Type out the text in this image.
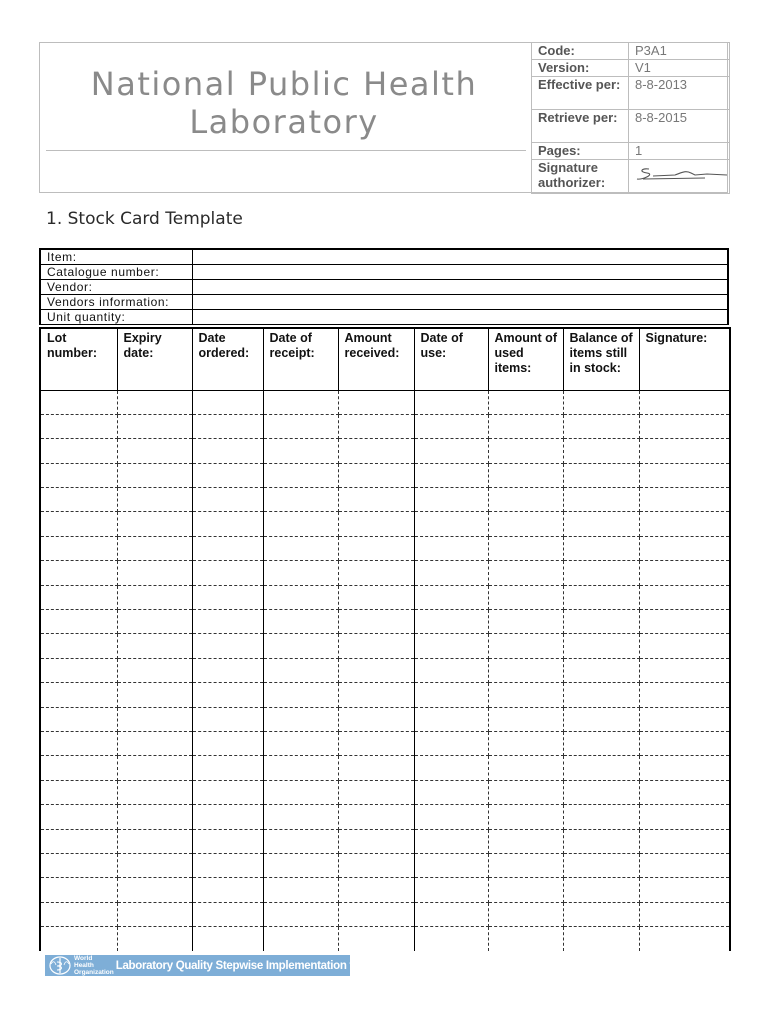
National Public Health
Laboratory
Code:	P3A1
Version:	V1
Effective per:	8-8-2013
Retrieve per:	8-8-2015
Pages:	1
Signature authorizer:	
1. Stock Card Template
Item:	
Catalogue number:	
Vendor:	
Vendors information:	
Unit quantity:	
Lot number:	Expiry date:	Date ordered:	Date of receipt:	Amount received:	Date of use:	Amount of used items:	Balance of items still in stock:	Signature:

World Health
Organization
Laboratory Quality Stepwise Implementation tool
